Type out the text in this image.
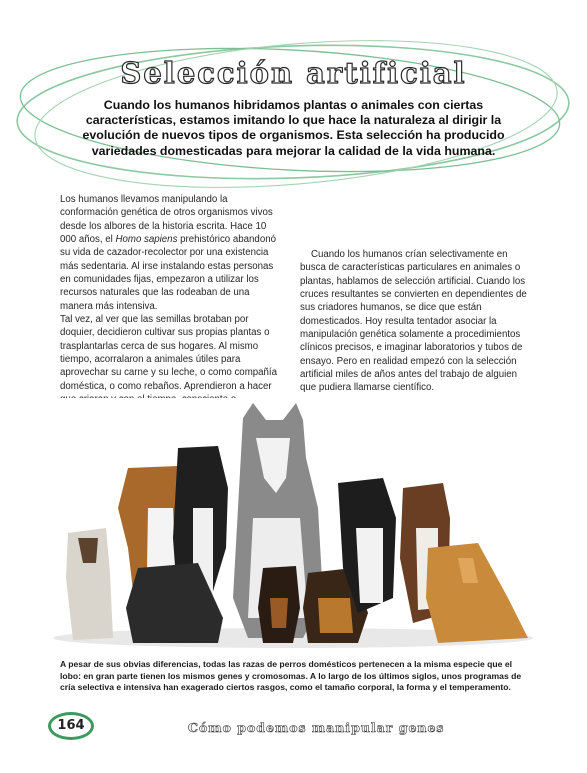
Selección artificial
Cuando los humanos hibridamos plantas o animales con ciertas características, estamos imitando lo que hace la naturaleza al dirigir la evolución de nuevos tipos de organismos. Esta selección ha producido variedades domesticadas para mejorar la calidad de la vida humana.

Los humanos llevamos manipulando la conformación genética de otros organismos vivos desde los albores de la historia escrita. Hace 10 000 años, el Homo sapiens prehistórico abandonó su vida de cazador-recolector por una existencia más sedentaria. Al irse instalando estas personas en comunidades fijas, empezaron a utilizar los recursos naturales que las rodeaban de una manera más intensiva.

Tal vez, al ver que las semillas brotaban por doquier, decidieron cultivar sus propias plantas o trasplantarlas cerca de sus hogares. Al mismo tiempo, acorralaron a animales útiles para aprovechar su carne y su leche, o como compañía doméstica, o como rebaños. Aprendieron a hacer

Cuando los humanos crían selectivamente en busca de características particulares en animales o plantas, hablamos de selección artificial. Cuando los cruces resultantes se convierten en dependientes de sus criadores humanos, se dice que están domesticados. Hoy resulta tentador asociar la manipulación genética solamente a procedimientos clínicos precisos, e imaginar laboratorios y tubos de ensayo. Pero en realidad empezó con la selección artificial miles de años antes del trabajo de alguien que pudiera llamarse científico.

A pesar de sus obvias diferencias, todas las razas de perros domésticos pertenecen a la misma especie que el lobo: en gran parte tienen los mismos genes y cromosomas. A lo largo de los últimos siglos, unos programas de cría selectiva e intensiva han exagerado ciertos rasgos, como el tamaño corporal, la forma y el temperamento.
164	Cómo podemos manipular genes
